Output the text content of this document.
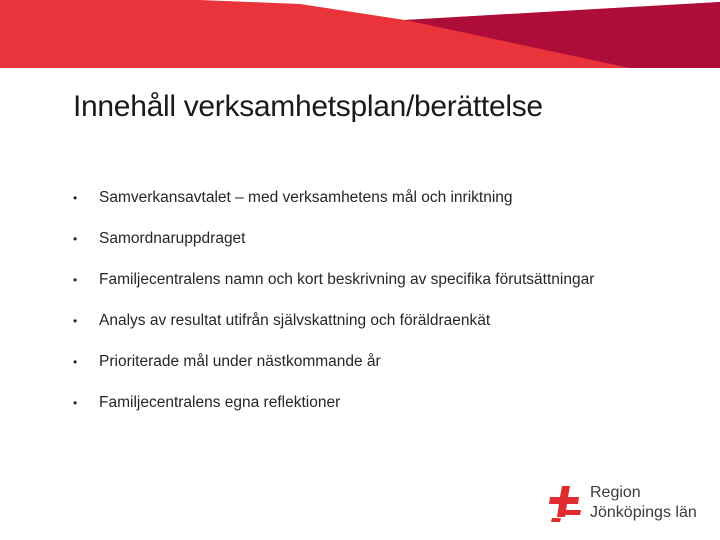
Innehåll verksamhetsplan/berättelse
• Samverkansavtalet – med verksamhetens mål och inriktning
• Samordnaruppdraget
• Familjecentralens namn och kort beskrivning av specifika förutsättningar
• Analys av resultat utifrån självskattning och föräldraenkät
• Prioriterade mål under nästkommande år
• Familjecentralens egna reflektioner
Region
Jönköpings län
